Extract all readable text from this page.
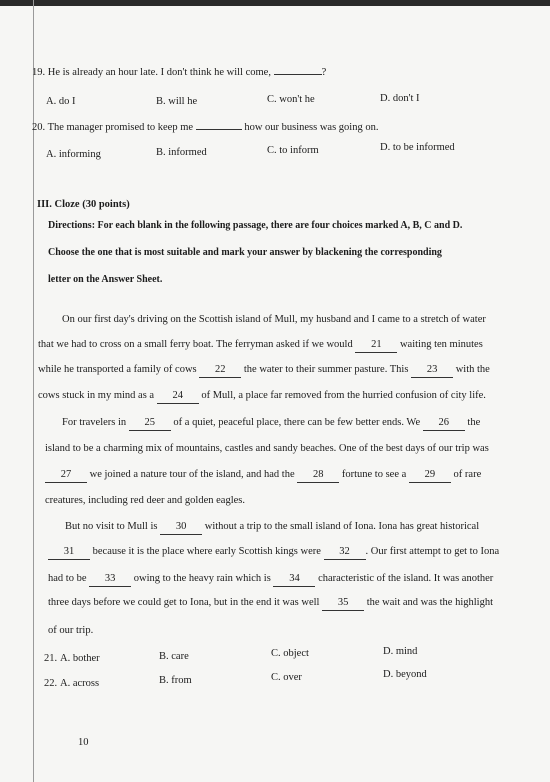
19. He is already an hour late. I don't think he will come,	?
A. do I	B. will he	C. won't he	D. don't I
20. The manager promised to keep me	how our business was going on.
A. informing	B. informed	C. to inform	D. to be informed
III. Cloze (30 points)
Directions: For each blank in the following passage, there are four choices marked A, B, C and D.
Choose the one that is most suitable and mark your answer by blackening the corresponding
letter on the Answer Sheet.
On our first day's driving on the Scottish island of Mull, my husband and I came to a stretch of water
that we had to cross on a small ferry boat. The ferryman asked if we would 21 waiting ten minutes
while he transported a family of cows 22 the water to their summer pasture. This 23 with the
cows stuck in my mind as a 24 of Mull, a place far removed from the hurried confusion of city life.
For travelers in 25 of a quiet, peaceful place, there can be few better ends. We 26 the
island to be a charming mix of mountains, castles and sandy beaches. One of the best days of our trip was
27 we joined a nature tour of the island, and had the 28 fortune to see a 29 of rare
creatures, including red deer and golden eagles.
But no visit to Mull is 30 without a trip to the small island of Iona. Iona has great historical
31 because it is the place where early Scottish kings were 32 . Our first attempt to get to Iona
had to be 33 owing to the heavy rain which is 34 characteristic of the island. It was another
three days before we could get to Iona, but in the end it was well 35 the wait and was the highlight
of our trip.
21. A. bother	B. care	C. object	D. mind
22. A. across	B. from	C. over	D. beyond
10
